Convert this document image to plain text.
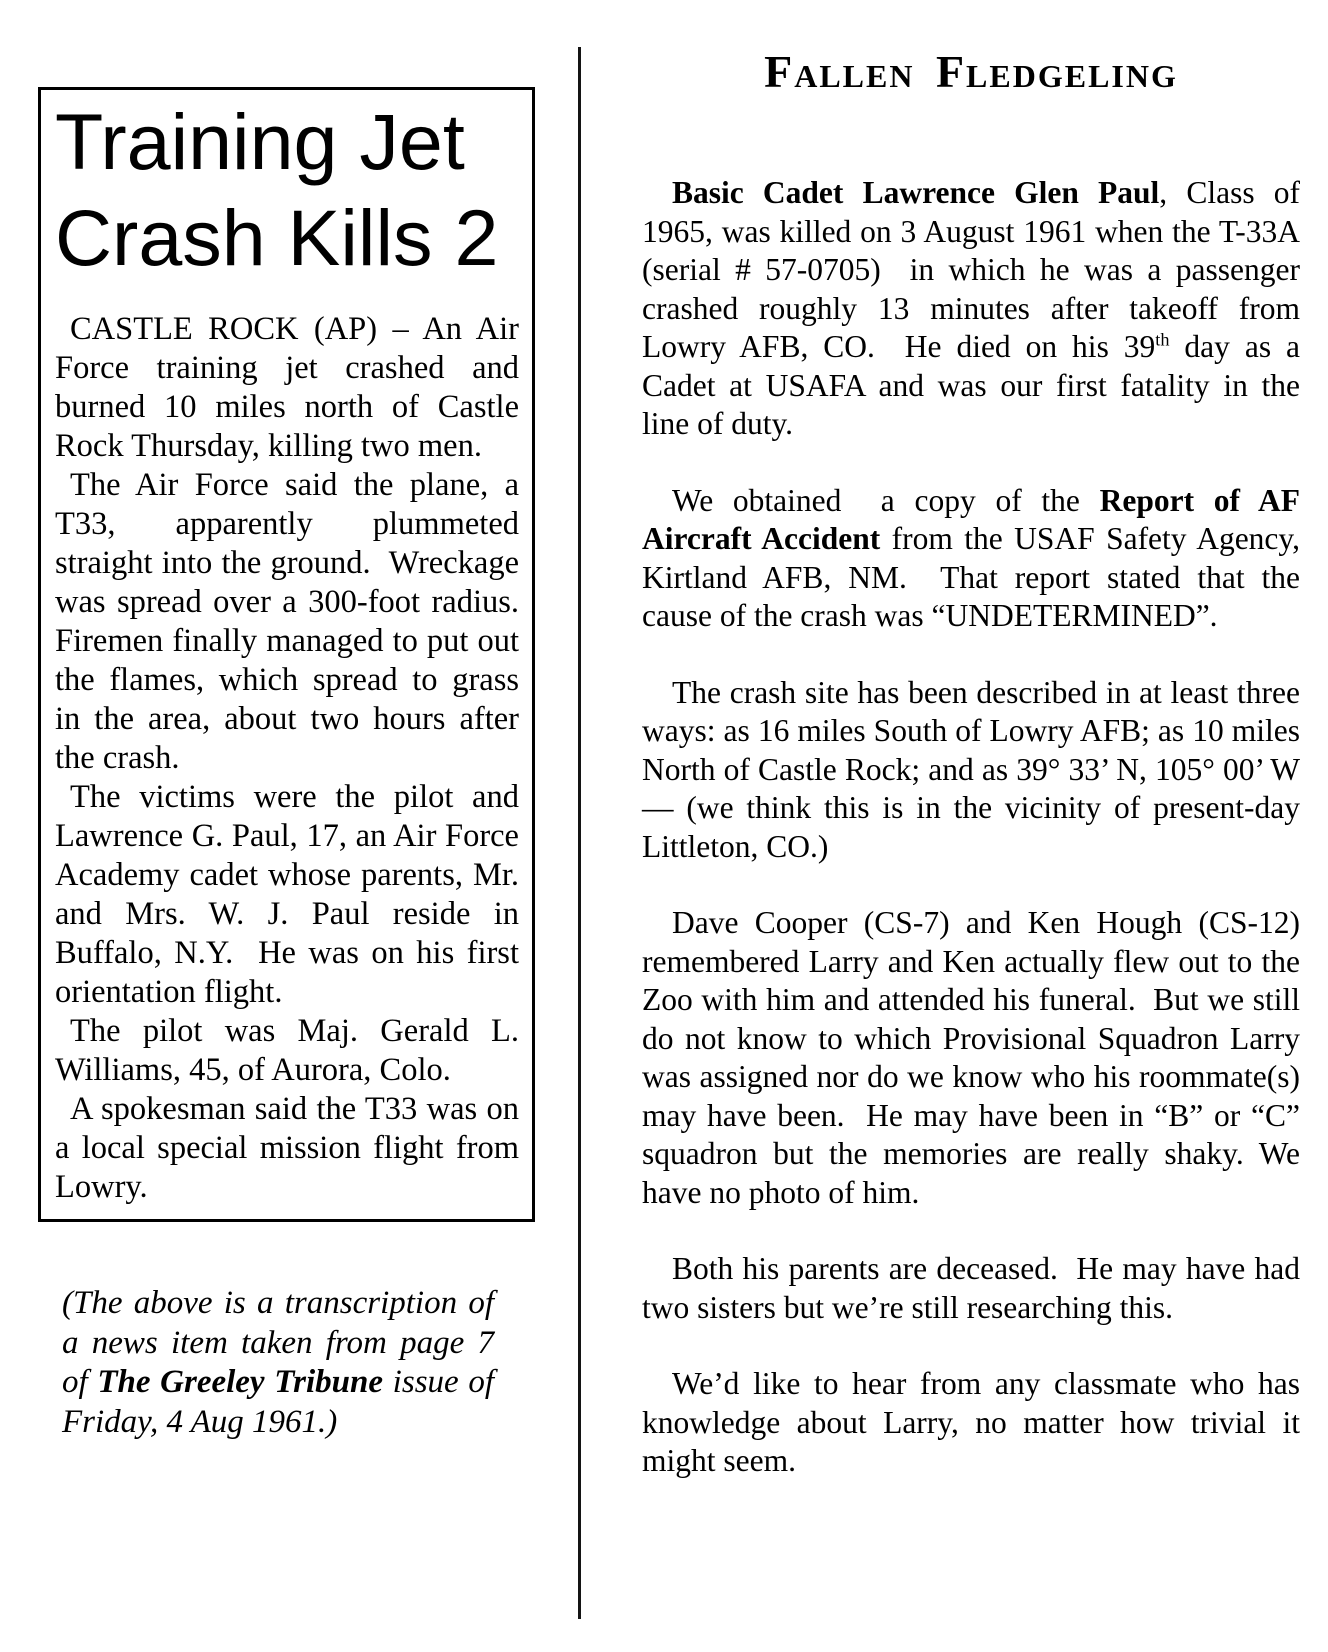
Training Jet
Crash Kills 2

CASTLE ROCK (AP) – An Air Force training jet crashed and burned 10 miles north of Castle Rock Thursday, killing two men.

The Air Force said the plane, a T33, apparently plummeted straight into the ground.  Wreckage was spread over a 300-foot radius.  Firemen finally managed to put out the flames, which spread to grass in the area, about two hours after the crash.

The victims were the pilot and Lawrence G. Paul, 17, an Air Force Academy cadet whose parents, Mr. and Mrs. W. J. Paul reside in Buffalo, N.Y.  He was on his first orientation flight.

The pilot was Maj. Gerald L. Williams, 45, of Aurora, Colo.

A spokesman said the T33 was on a local special mission flight from Lowry.

(The above is a transcription of a news item taken from page 7 of The Greeley Tribune issue of Friday, 4 Aug 1961.)

Fallen Fledgeling

Basic Cadet Lawrence Glen Paul, Class of 1965, was killed on 3 August 1961 when the T-33A (serial # 57-0705)  in which he was a passenger crashed roughly 13 minutes after takeoff from Lowry AFB, CO.  He died on his 39th day as a Cadet at USAFA and was our first fatality in the line of duty.

We obtained  a copy of the Report of AF Aircraft Accident from the USAF Safety Agency, Kirtland AFB, NM.  That report stated that the cause of the crash was “UNDETERMINED”.

The crash site has been described in at least three ways: as 16 miles South of Lowry AFB; as 10 miles North of Castle Rock; and as 39° 33’ N, 105° 00’ W — (we think this is in the vicinity of present-day Littleton, CO.)

Dave Cooper (CS-7) and Ken Hough (CS-12) remembered Larry and Ken actually flew out to the Zoo with him and attended his funeral.  But we still do not know to which Provisional Squadron Larry was assigned nor do we know who his roommate(s) may have been.  He may have been in “B” or “C” squadron but the memories are really shaky. We have no photo of him.

Both his parents are deceased.  He may have had two sisters but we’re still researching this.

We’d like to hear from any classmate who has knowledge about Larry, no matter how trivial it might seem.
